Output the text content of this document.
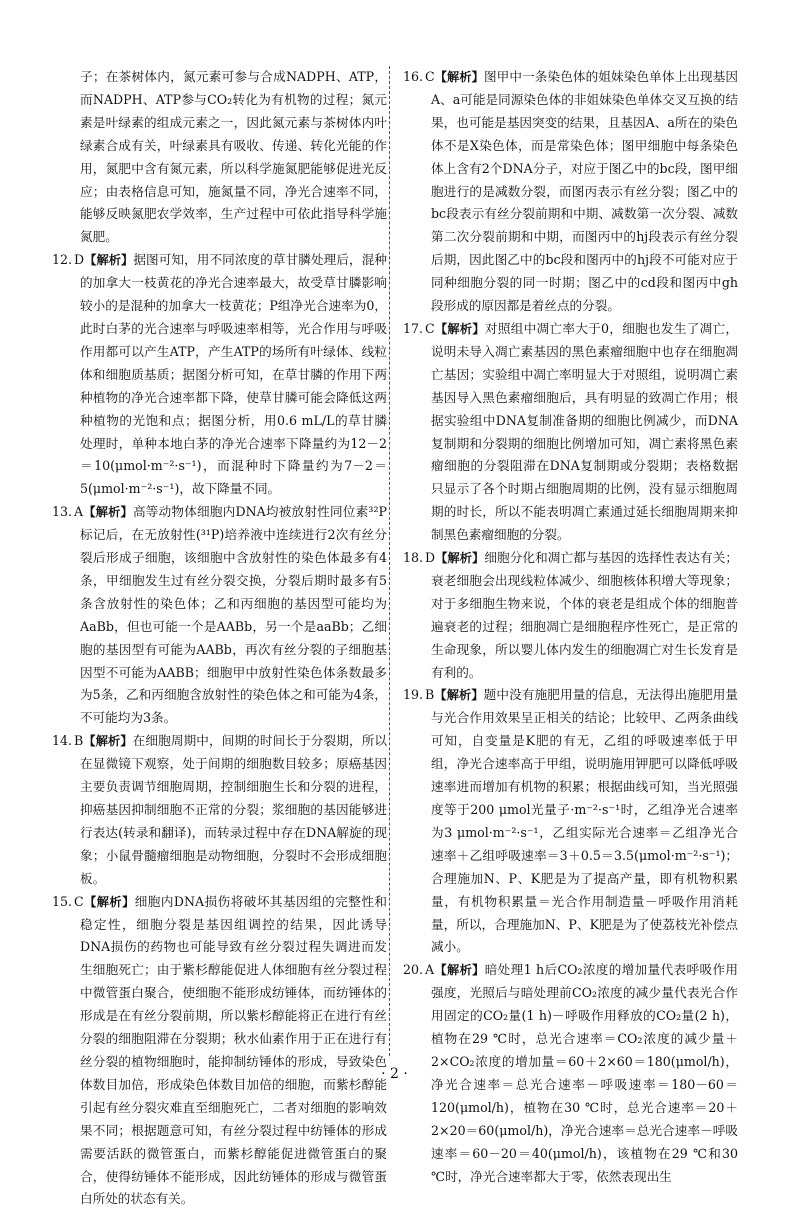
子；在茶树体内，氮元素可参与合成NADPH、ATP，而NADPH、ATP参与CO₂转化为有机物的过程；氮元素是叶绿素的组成元素之一，因此氮元素与茶树体内叶绿素合成有关，叶绿素具有吸收、传递、转化光能的作用，氮肥中含有氮元素，所以科学施氮肥能够促进光反应；由表格信息可知，施氮量不同，净光合速率不同，能够反映氮肥农学效率，生产过程中可依此指导科学施氮肥。

12. D【解析】据图可知，用不同浓度的草甘膦处理后，混种的加拿大一枝黄花的净光合速率最大，故受草甘膦影响较小的是混种的加拿大一枝黄花；P组净光合速率为0，此时白茅的光合速率与呼吸速率相等，光合作用与呼吸作用都可以产生ATP，产生ATP的场所有叶绿体、线粒体和细胞质基质；据图分析可知，在草甘膦的作用下两种植物的净光合速率都下降，使草甘膦可能会降低这两种植物的光饱和点；据图分析，用0.6 mL/L的草甘膦处理时，单种本地白茅的净光合速率下降量约为12－2＝10(μmol·m⁻²·s⁻¹)，而混种时下降量约为7－2＝5(μmol·m⁻²·s⁻¹)，故下降量不同。

13. A【解析】高等动物体细胞内DNA均被放射性同位素³²P标记后，在无放射性(³¹P)培养液中连续进行2次有丝分裂后形成子细胞，该细胞中含放射性的染色体最多有4条，甲细胞发生过有丝分裂交换，分裂后期时最多有5条含放射性的染色体；乙和丙细胞的基因型可能均为AaBb，但也可能一个是AABb，另一个是aaBb；乙细胞的基因型有可能为AABb，再次有丝分裂的子细胞基因型不可能为AABB；细胞甲中放射性染色体条数最多为5条，乙和丙细胞含放射性的染色体之和可能为4条，不可能均为3条。

14. B【解析】在细胞周期中，间期的时间长于分裂期，所以在显微镜下观察，处于间期的细胞数目较多；原癌基因主要负责调节细胞周期，控制细胞生长和分裂的进程，抑癌基因抑制细胞不正常的分裂；浆细胞的基因能够进行表达(转录和翻译)，而转录过程中存在DNA解旋的现象；小鼠骨髓瘤细胞是动物细胞，分裂时不会形成细胞板。

15. C【解析】细胞内DNA损伤将破坏其基因组的完整性和稳定性，细胞分裂是基因组调控的结果，因此诱导DNA损伤的药物也可能导致有丝分裂过程失调进而发生细胞死亡；由于紫杉醇能促进人体细胞有丝分裂过程中微管蛋白聚合，使细胞不能形成纺锤体，而纺锤体的形成是在有丝分裂前期，所以紫杉醇能将正在进行有丝分裂的细胞阻滞在分裂期；秋水仙素作用于正在进行有丝分裂的植物细胞时，能抑制纺锤体的形成，导致染色体数目加倍，形成染色体数目加倍的细胞，而紫杉醇能引起有丝分裂灾难直至细胞死亡，二者对细胞的影响效果不同；根据题意可知，有丝分裂过程中纺锤体的形成需要活跃的微管蛋白，而紫杉醇能促进微管蛋白的聚合，使得纺锤体不能形成，因此纺锤体的形成与微管蛋白所处的状态有关。

16. C【解析】图甲中一条染色体的姐妹染色单体上出现基因A、a可能是同源染色体的非姐妹染色单体交叉互换的结果，也可能是基因突变的结果，且基因A、a所在的染色体不是X染色体，而是常染色体；图甲细胞中每条染色体上含有2个DNA分子，对应于图乙中的bc段，图甲细胞进行的是减数分裂，而图丙表示有丝分裂；图乙中的bc段表示有丝分裂前期和中期、减数第一次分裂、减数第二次分裂前期和中期，而图丙中的hj段表示有丝分裂后期，因此图乙中的bc段和图丙中的hj段不可能对应于同种细胞分裂的同一时期；图乙中的cd段和图丙中gh段形成的原因都是着丝点的分裂。

17. C【解析】对照组中凋亡率大于0，细胞也发生了凋亡，说明未导入凋亡素基因的黑色素瘤细胞中也存在细胞凋亡基因；实验组中凋亡率明显大于对照组，说明凋亡素基因导入黑色素瘤细胞后，具有明显的致凋亡作用；根据实验组中DNA复制准备期的细胞比例减少，而DNA复制期和分裂期的细胞比例增加可知，凋亡素将黑色素瘤细胞的分裂阻滞在DNA复制期或分裂期；表格数据只显示了各个时期占细胞周期的比例，没有显示细胞周期的时长，所以不能表明凋亡素通过延长细胞周期来抑制黑色素瘤细胞的分裂。

18. D【解析】细胞分化和凋亡都与基因的选择性表达有关；衰老细胞会出现线粒体减少、细胞核体积增大等现象；对于多细胞生物来说，个体的衰老是组成个体的细胞普遍衰老的过程；细胞凋亡是细胞程序性死亡，是正常的生命现象，所以婴儿体内发生的细胞凋亡对生长发育是有利的。

19. B【解析】题中没有施肥用量的信息，无法得出施肥用量与光合作用效果呈正相关的结论；比较甲、乙两条曲线可知，自变量是K肥的有无，乙组的呼吸速率低于甲组，净光合速率高于甲组，说明施用钾肥可以降低呼吸速率进而增加有机物的积累；根据曲线可知，当光照强度等于200 μmol光量子·m⁻²·s⁻¹时，乙组净光合速率为3 μmol·m⁻²·s⁻¹，乙组实际光合速率＝乙组净光合速率＋乙组呼吸速率＝3＋0.5＝3.5(μmol·m⁻²·s⁻¹)；合理施加N、P、K肥是为了提高产量，即有机物积累量，有机物积累量＝光合作用制造量－呼吸作用消耗量，所以，合理施加N、P、K肥是为了使荔枝光补偿点减小。

20. A【解析】暗处理1 h后CO₂浓度的增加量代表呼吸作用强度，光照后与暗处理前CO₂浓度的减少量代表光合作用固定的CO₂量(1 h)－呼吸作用释放的CO₂量(2 h)，植物在29 ℃时，总光合速率＝CO₂浓度的减少量＋2×CO₂浓度的增加量＝60＋2×60＝180(μmol/h)，净光合速率＝总光合速率－呼吸速率＝180－60＝120(μmol/h)，植物在30 ℃时，总光合速率＝20＋2×20＝60(μmol/h)，净光合速率＝总光合速率－呼吸速率＝60－20＝40(μmol/h)，该植物在29 ℃和30 ℃时，净光合速率都大于零，依然表现出生

· 2 ·
